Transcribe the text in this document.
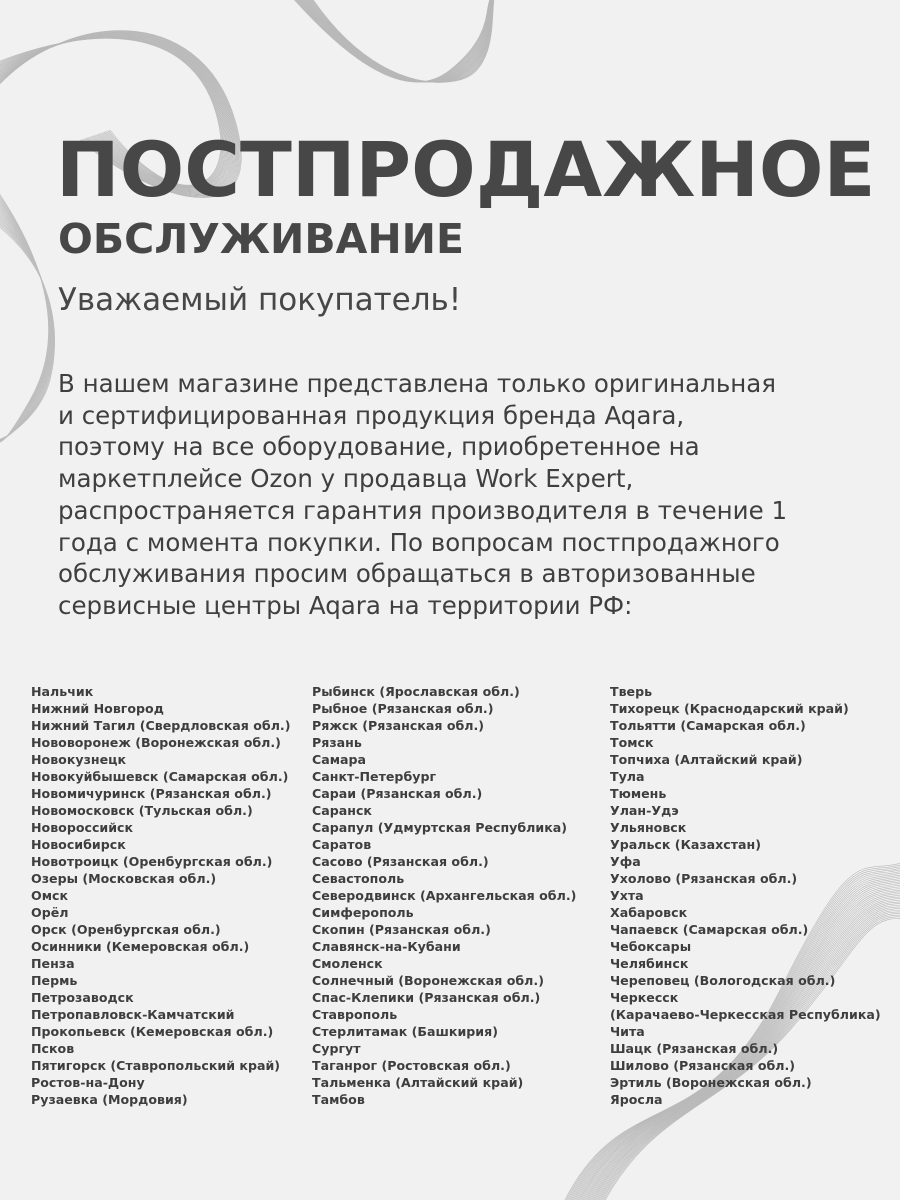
ПОСТПРОДАЖНОЕ
ОБСЛУЖИВАНИЕ

Уважаемый покупатель!

В нашем магазине представлена только оригинальная
и сертифицированная продукция бренда Aqara,
поэтому на все оборудование, приобретенное на
маркетплейсе Ozon у продавца Work Expert,
распространяется гарантия производителя в течение 1
года с момента покупки. По вопросам постпродажного
обслуживания просим обращаться в авторизованные
сервисные центры Aqara на территории РФ:
Нальчик
Нижний Новгород
Нижний Тагил (Свердловская обл.)
Нововоронеж (Воронежская обл.)
Новокузнецк
Новокуйбышевск (Самарская обл.)
Новомичуринск (Рязанская обл.)
Новомосковск (Тульская обл.)
Новороссийск
Новосибирск
Новотроицк (Оренбургская обл.)
Озеры (Московская обл.)
Омск
Орёл
Орск (Оренбургская обл.)
Осинники (Кемеровская обл.)
Пенза
Пермь
Петрозаводск
Петропавловск-Камчатский
Прокопьевск (Кемеровская обл.)
Псков
Пятигорск (Ставропольский край)
Ростов-на-Дону
Рузаевка (Мордовия)
Рыбинск (Ярославская обл.)
Рыбное (Рязанская обл.)
Ряжск (Рязанская обл.)
Рязань
Самара
Санкт-Петербург
Сараи (Рязанская обл.)
Саранск
Сарапул (Удмуртская Республика)
Саратов
Сасово (Рязанская обл.)
Севастополь
Северодвинск (Архангельская обл.)
Симферополь
Скопин (Рязанская обл.)
Славянск-на-Кубани
Смоленск
Солнечный (Воронежская обл.)
Спас-Клепики (Рязанская обл.)
Ставрополь
Стерлитамак (Башкирия)
Сургут
Таганрог (Ростовская обл.)
Тальменка (Алтайский край)
Тамбов
Тверь
Тихорецк (Краснодарский край)
Тольятти (Самарская обл.)
Томск
Топчиха (Алтайский край)
Тула
Тюмень
Улан-Удэ
Ульяновск
Уральск (Казахстан)
Уфа
Ухолово (Рязанская обл.)
Ухта
Хабаровск
Чапаевск (Самарская обл.)
Чебоксары
Челябинск
Череповец (Вологодская обл.)
Черкесск
(Карачаево-Черкесская Республика)
Чита
Шацк (Рязанская обл.)
Шилово (Рязанская обл.)
Эртиль (Воронежская обл.)
Яросла
